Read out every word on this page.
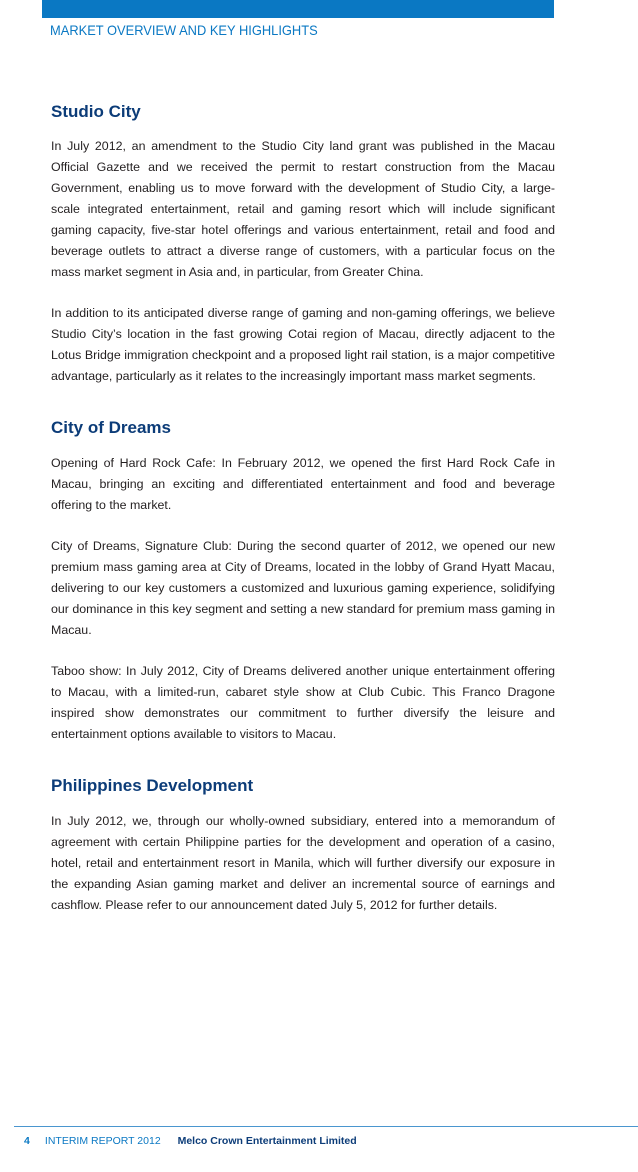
MARKET OVERVIEW AND KEY HIGHLIGHTS
Studio City

In July 2012, an amendment to the Studio City land grant was published in the Macau Official Gazette and we received the permit to restart construction from the Macau Government, enabling us to move forward with the development of Studio City, a large-scale integrated entertainment, retail and gaming resort which will include significant gaming capacity, five-star hotel offerings and various entertainment, retail and food and beverage outlets to attract a diverse range of customers, with a particular focus on the mass market segment in Asia and, in particular, from Greater China.

In addition to its anticipated diverse range of gaming and non-gaming offerings, we believe Studio City’s location in the fast growing Cotai region of Macau, directly adjacent to the Lotus Bridge immigration checkpoint and a proposed light rail station, is a major competitive advantage, particularly as it relates to the increasingly important mass market segments.

City of Dreams

Opening of Hard Rock Cafe: In February 2012, we opened the first Hard Rock Cafe in Macau, bringing an exciting and differentiated entertainment and food and beverage offering to the market.

City of Dreams, Signature Club: During the second quarter of 2012, we opened our new premium mass gaming area at City of Dreams, located in the lobby of Grand Hyatt Macau, delivering to our key customers a customized and luxurious gaming experience, solidifying our dominance in this key segment and setting a new standard for premium mass gaming in Macau.

Taboo show: In July 2012, City of Dreams delivered another unique entertainment offering to Macau, with a limited-run, cabaret style show at Club Cubic. This Franco Dragone inspired show demonstrates our commitment to further diversify the leisure and entertainment options available to visitors to Macau.

Philippines Development

In July 2012, we, through our wholly-owned subsidiary, entered into a memorandum of agreement with certain Philippine parties for the development and operation of a casino, hotel, retail and entertainment resort in Manila, which will further diversify our exposure in the expanding Asian gaming market and deliver an incremental source of earnings and cashflow. Please refer to our announcement dated July 5, 2012 for further details.

4 INTERIM REPORT 2012 Melco Crown Entertainment Limited
